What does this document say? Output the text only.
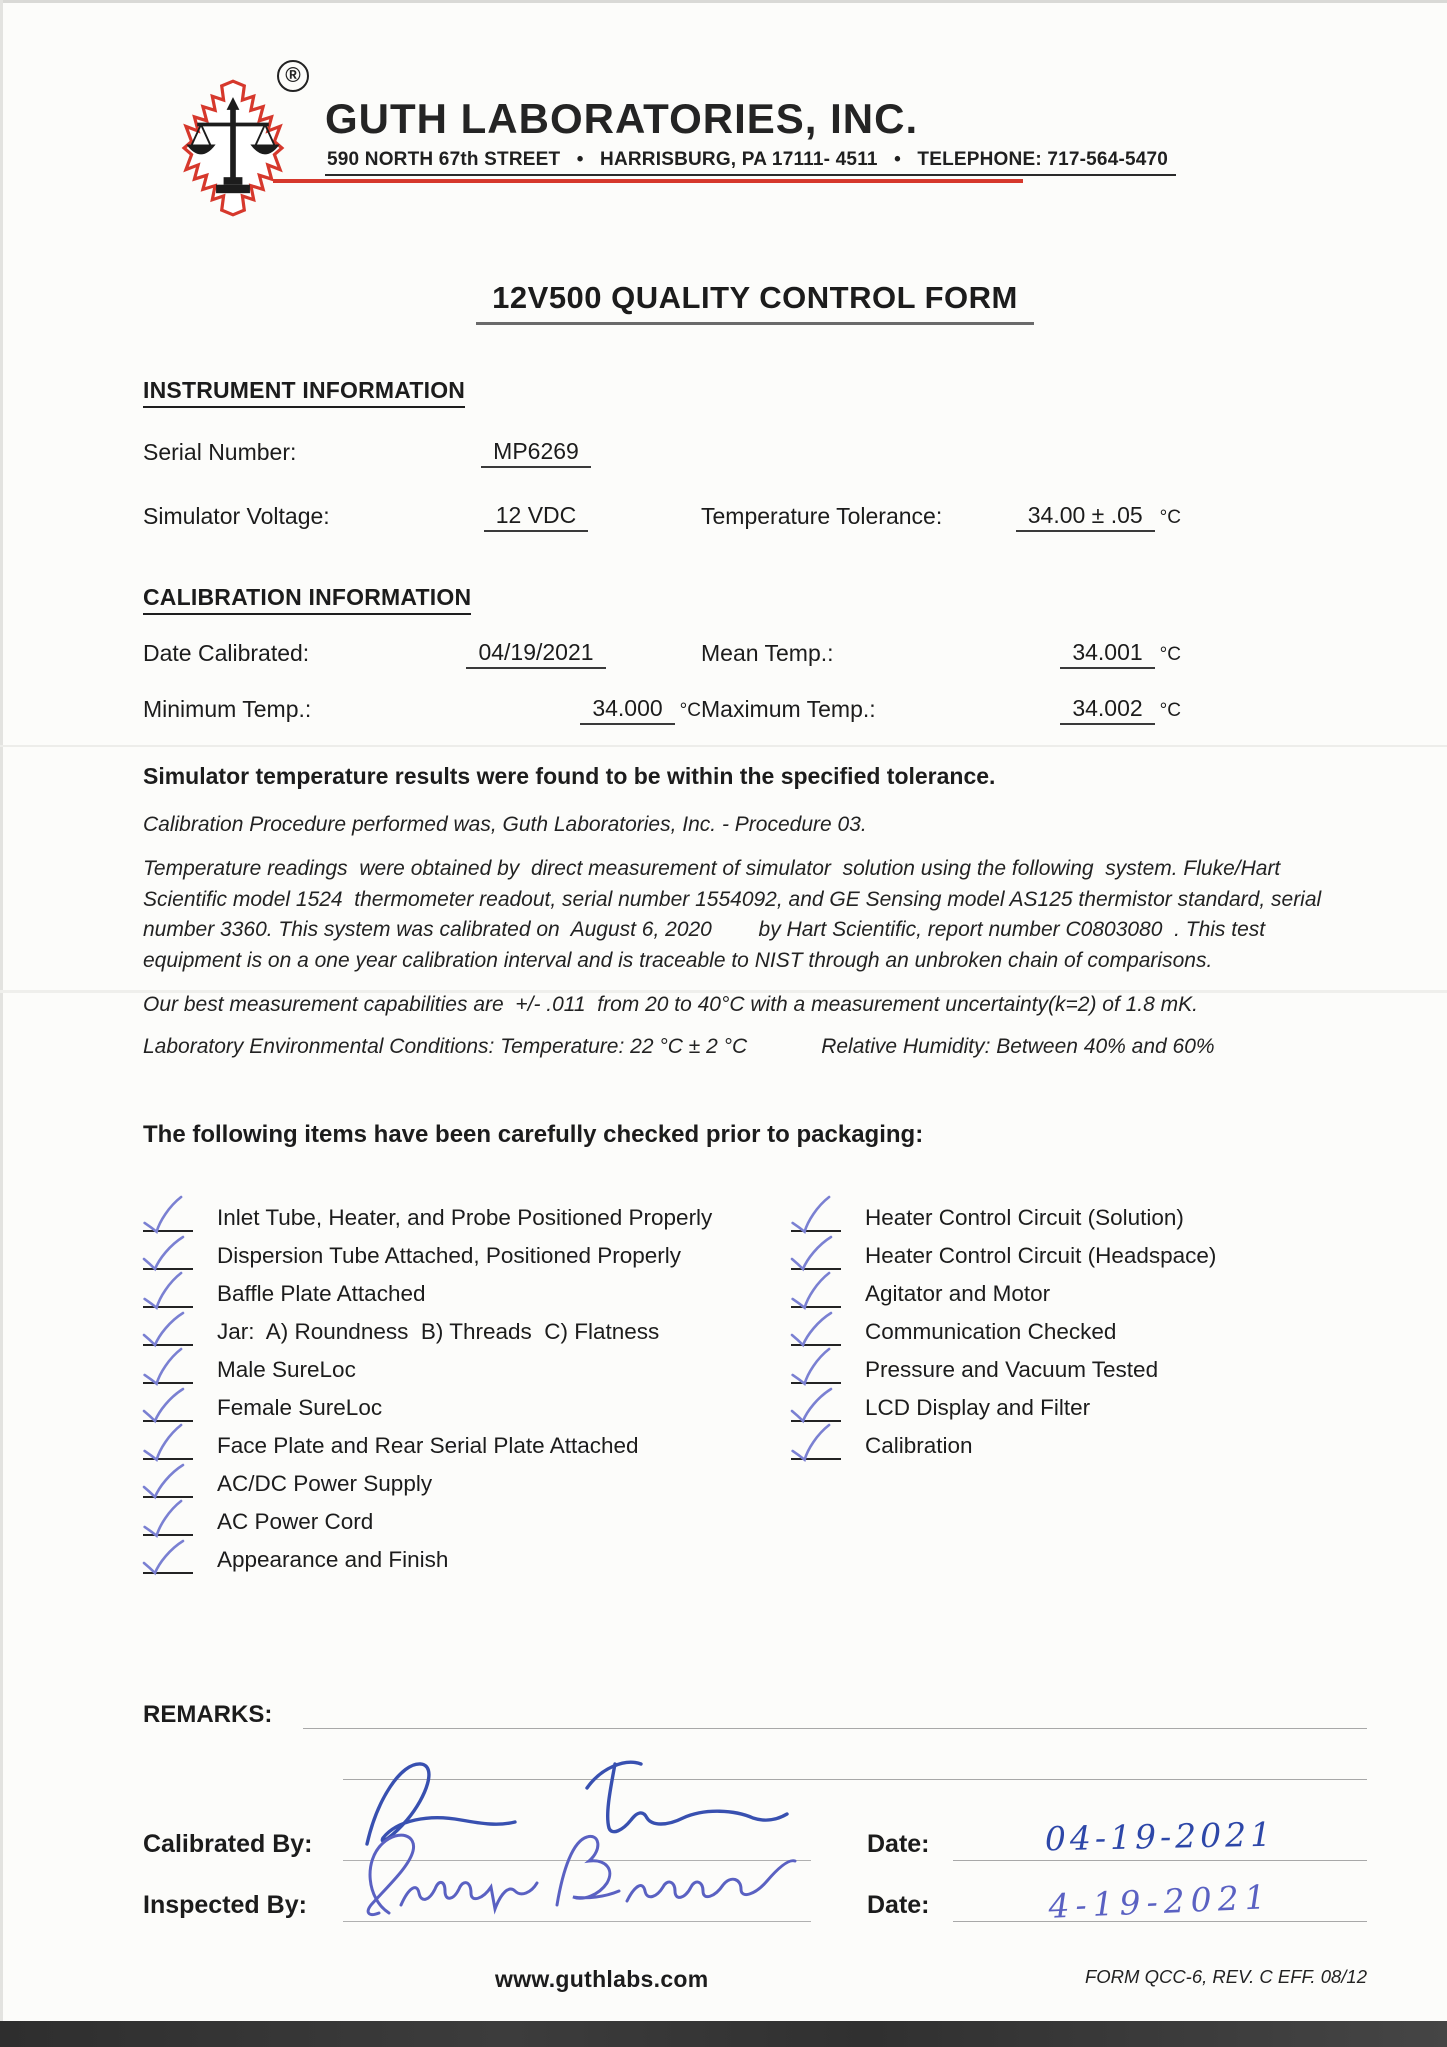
®
GUTH LABORATORIES, INC.
590 NORTH 67th STREET   •   HARRISBURG, PA 17111- 4511   •   TELEPHONE: 717-564-5470
12V500 QUALITY CONTROL FORM
INSTRUMENT INFORMATION
Serial Number:	MP6269
Simulator Voltage:	12 VDC	Temperature Tolerance:	34.00 ± .05 °C
CALIBRATION INFORMATION
Date Calibrated:	04/19/2021	Mean Temp.:	34.001 °C
Minimum Temp.:	34.000 °C Maximum Temp.:	34.002 °C
Simulator temperature results were found to be within the specified tolerance.

Calibration Procedure performed was, Guth Laboratories, Inc. - Procedure 03.

Temperature readings  were obtained by  direct measurement of simulator  solution using the following  system. Fluke/Hart Scientific model 1524  thermometer readout, serial number 1554092, and GE Sensing model AS125 thermistor standard, serial number 3360. This system was calibrated on  August 6, 2020        by Hart Scientific, report number C0803080  . This test equipment is on a one year calibration interval and is traceable to NIST through an unbroken chain of comparisons.

Our best measurement capabilities are  +/- .011  from 20 to 40°C with a measurement uncertainty(k=2) of 1.8 mK.

Laboratory Environmental Conditions: Temperature: 22 °C ± 2 °C	Relative Humidity: Between 40% and 60%
The following items have been carefully checked prior to packaging:
Inlet Tube, Heater, and Probe Positioned Properly
Dispersion Tube Attached, Positioned Properly
Baffle Plate Attached
Jar:  A) Roundness  B) Threads  C) Flatness
Male SureLoc
Female SureLoc
Face Plate and Rear Serial Plate Attached
AC/DC Power Supply
AC Power Cord
Appearance and Finish
Heater Control Circuit (Solution)
Heater Control Circuit (Headspace)
Agitator and Motor
Communication Checked
Pressure and Vacuum Tested
LCD Display and Filter
Calibration
REMARKS:
Calibrated By:	Date:	04-19-2021
Inspected By:	Date:	4-19-2021
www.guthlabs.com	FORM QCC-6, REV. C EFF. 08/12
